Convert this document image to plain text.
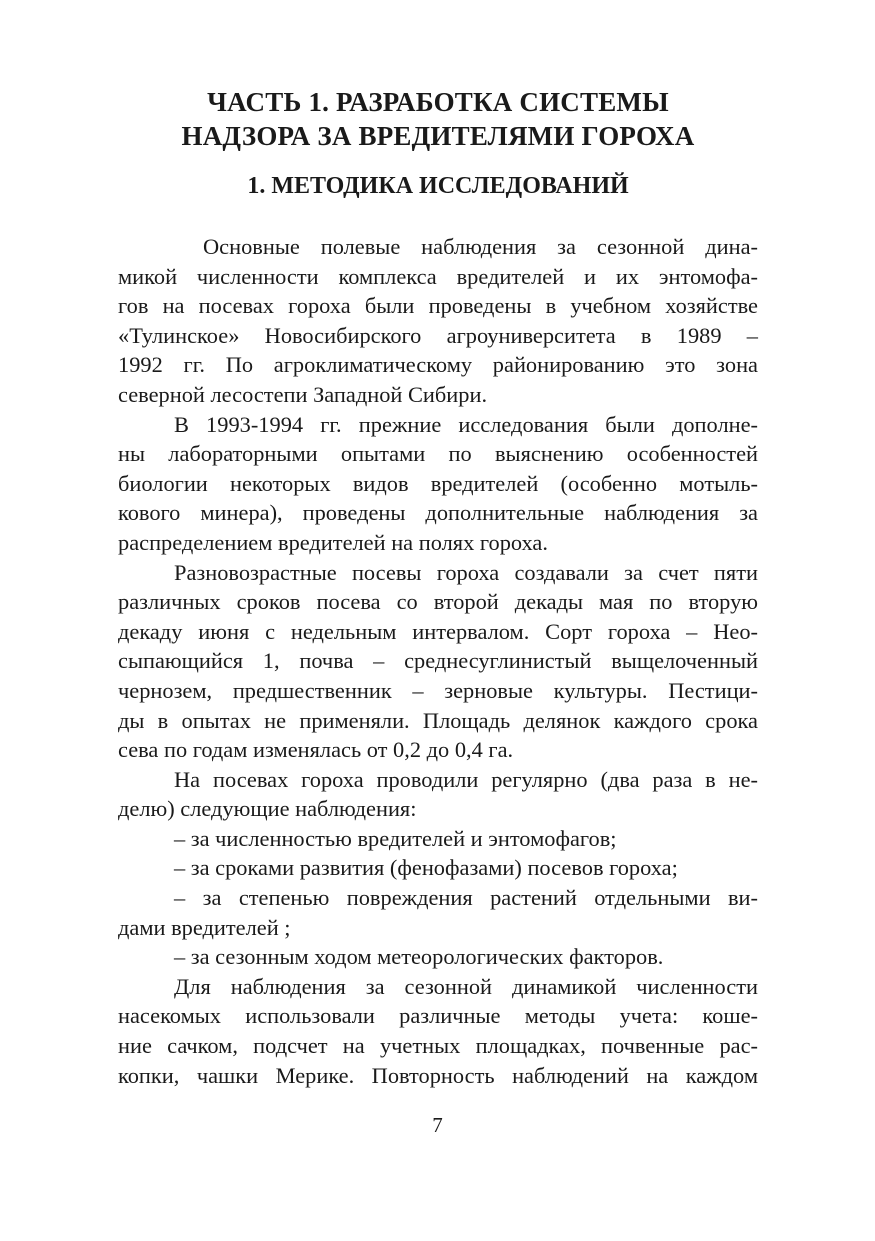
ЧАСТЬ 1. РАЗРАБОТКА СИСТЕМЫ
НАДЗОРА ЗА ВРЕДИТЕЛЯМИ ГОРОХА
1. МЕТОДИКА ИССЛЕДОВАНИЙ
Основные полевые наблюдения за сезонной дина-
микой численности комплекса вредителей и их энтомофа-
гов на посевах гороха были проведены в учебном хозяйстве
«Тулинское» Новосибирского агроуниверситета в 1989 –
1992 гг. По агроклиматическому районированию это зона
северной лесостепи Западной Сибири.
В 1993-1994 гг. прежние исследования были дополне-
ны лабораторными опытами по выяснению особенностей
биологии некоторых видов вредителей (особенно мотыль-
кового минера), проведены дополнительные наблюдения за
распределением вредителей на полях гороха.
Разновозрастные посевы гороха создавали за счет пяти
различных сроков посева со второй декады мая по вторую
декаду июня с недельным интервалом. Сорт гороха – Нео-
сыпающийся 1, почва – среднесуглинистый выщелоченный
чернозем, предшественник – зерновые культуры. Пестици-
ды в опытах не применяли. Площадь делянок каждого срока
сева по годам изменялась от 0,2 до 0,4 га.
На посевах гороха проводили регулярно (два раза в не-
делю) следующие наблюдения:
– за численностью вредителей и энтомофагов;
– за сроками развития (фенофазами) посевов гороха;
– за степенью повреждения растений отдельными ви-
дами вредителей ;
– за сезонным ходом метеорологических факторов.
Для наблюдения за сезонной динамикой численности
насекомых использовали различные методы учета: коше-
ние сачком, подсчет на учетных площадках, почвенные рас-
копки, чашки Мерике. Повторность наблюдений на каждом
7
